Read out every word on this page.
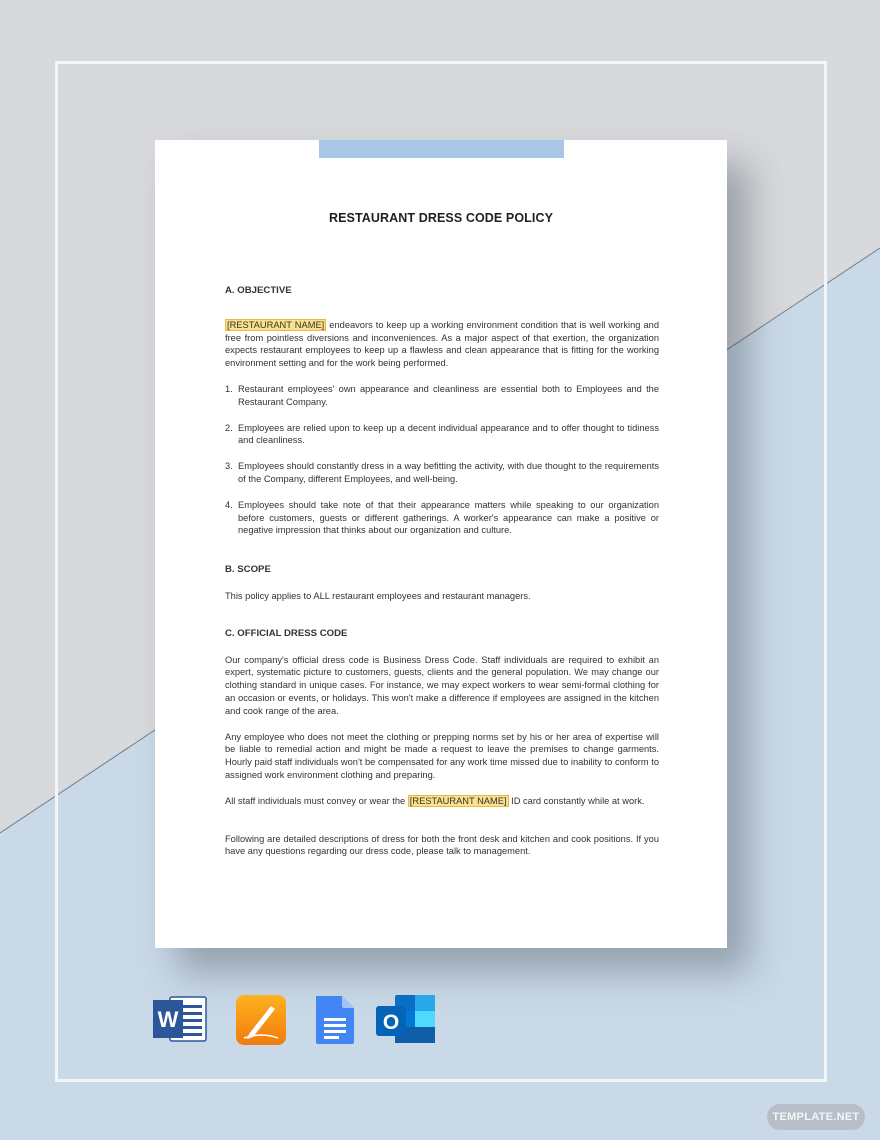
RESTAURANT DRESS CODE POLICY
A. OBJECTIVE

[RESTAURANT NAME] endeavors to keep up a working environment condition that is well working and free from pointless diversions and inconveniences. As a major aspect of that exertion, the organization expects restaurant employees to keep up a flawless and clean appearance that is fitting for the working environment setting and for the work being performed.

1. Restaurant employees' own appearance and cleanliness are essential both to Employees and the Restaurant Company.
2. Employees are relied upon to keep up a decent individual appearance and to offer thought to tidiness and cleanliness.
3. Employees should constantly dress in a way befitting the activity, with due thought to the requirements of the Company, different Employees, and well-being.
4. Employees should take note of that their appearance matters while speaking to our organization before customers, guests or different gatherings. A worker's appearance can make a positive or negative impression that thinks about our organization and culture.
B. SCOPE

This policy applies to ALL restaurant employees and restaurant managers.

C. OFFICIAL DRESS CODE

Our company's official dress code is Business Dress Code. Staff individuals are required to exhibit an expert, systematic picture to customers, guests, clients and the general population. We may change our clothing standard in unique cases. For instance, we may expect workers to wear semi-formal clothing for an occasion or events, or holidays. This won't make a difference if employees are assigned in the kitchen and cook range of the area.

Any employee who does not meet the clothing or prepping norms set by his or her area of expertise will be liable to remedial action and might be made a request to leave the premises to change garments. Hourly paid staff individuals won't be compensated for any work time missed due to inability to conform to assigned work environment clothing and preparing.

All staff individuals must convey or wear the [RESTAURANT NAME] ID card constantly while at work.

Following are detailed descriptions of dress for both the front desk and kitchen and cook positions. If you have any questions regarding our dress code, please talk to management.

W	O
TEMPLATE.NET
